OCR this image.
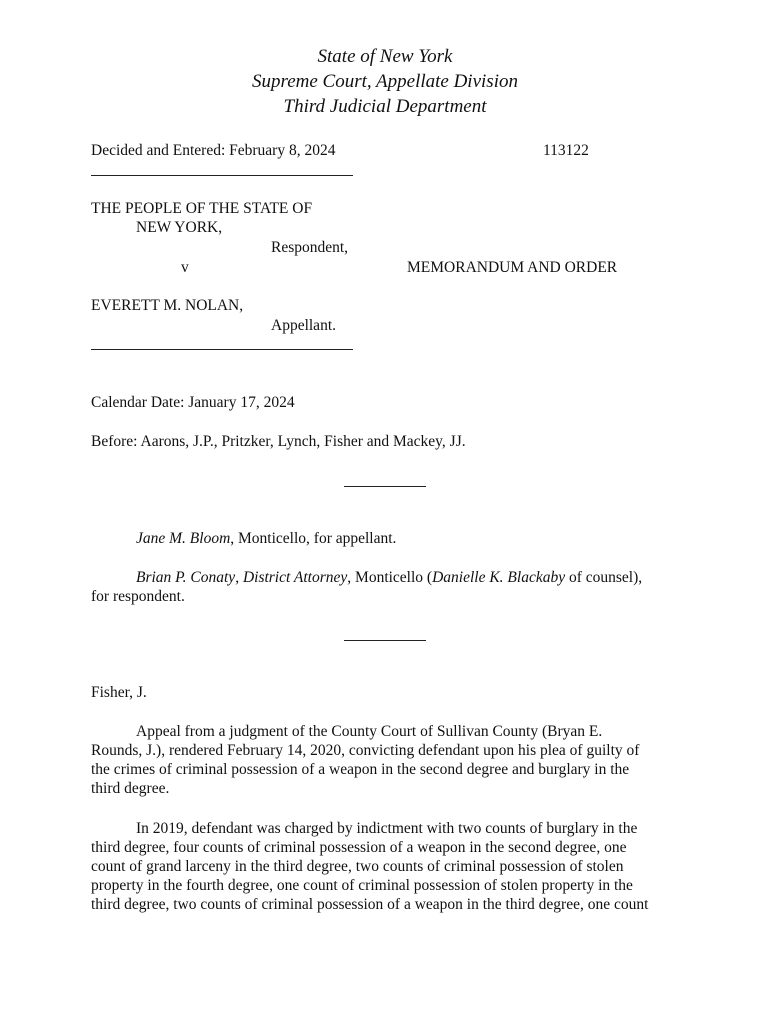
State of New York
Supreme Court, Appellate Division
Third Judicial Department
Decided and Entered: February 8, 2024	113122
THE PEOPLE OF THE STATE OF
NEW YORK,
Respondent,
v	MEMORANDUM AND ORDER
EVERETT M. NOLAN,
Appellant.
Calendar Date: January 17, 2024
Before: Aarons, J.P., Pritzker, Lynch, Fisher and Mackey, JJ.
Jane M. Bloom, Monticello, for appellant.
Brian P. Conaty, District Attorney, Monticello (Danielle K. Blackaby of counsel),
for respondent.
Fisher, J.
Appeal from a judgment of the County Court of Sullivan County (Bryan E.
Rounds, J.), rendered February 14, 2020, convicting defendant upon his plea of guilty of
the crimes of criminal possession of a weapon in the second degree and burglary in the
third degree.
In 2019, defendant was charged by indictment with two counts of burglary in the
third degree, four counts of criminal possession of a weapon in the second degree, one
count of grand larceny in the third degree, two counts of criminal possession of stolen
property in the fourth degree, one count of criminal possession of stolen property in the
third degree, two counts of criminal possession of a weapon in the third degree, one count
